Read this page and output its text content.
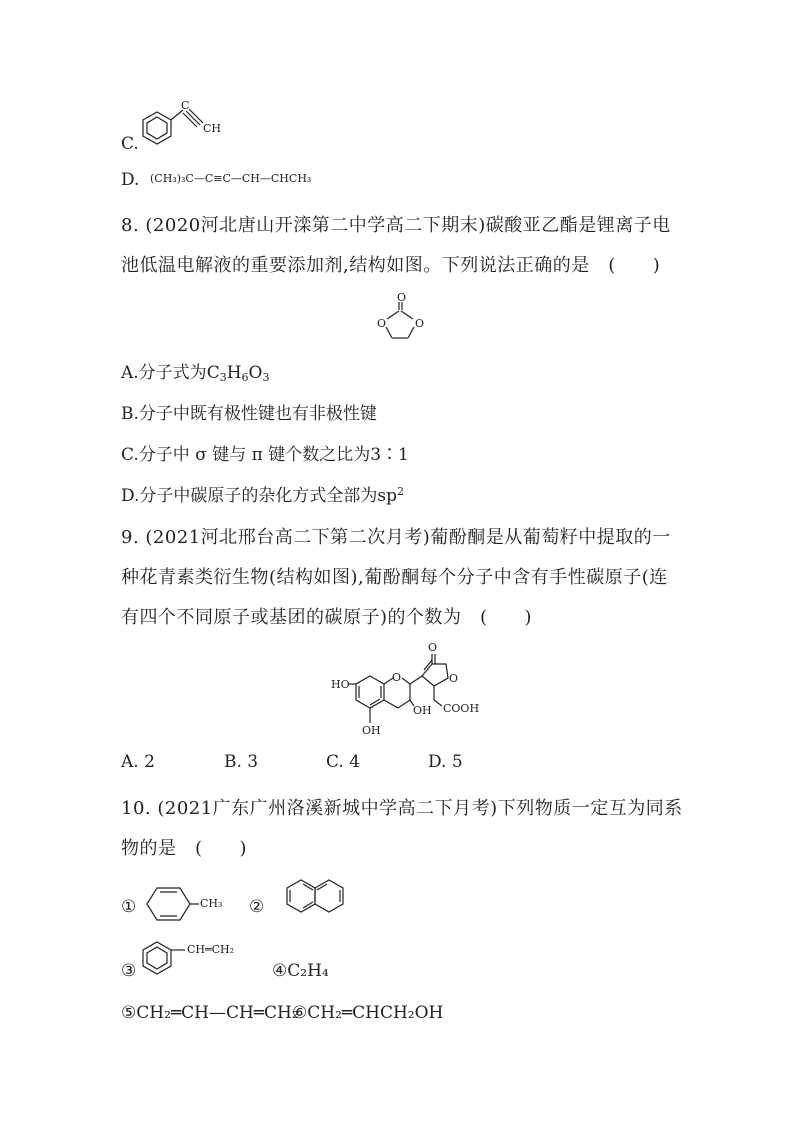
C.
C
CH
D. (CH₃)₃C—C≡C—CH—CHCH₃
8. (2020河北唐山开滦第二中学高二下期末)碳酸亚乙酯是锂离子电
池低温电解液的重要添加剂,结构如图。下列说法正确的是　(　　)
O
O	O
A.分子式为$C_3H_6O_3$
B.分子中既有极性键也有非极性键
C.分子中 σ 键与 π 键个数之比为3∶1
D.分子中碳原子的杂化方式全部为$sp^2$
9. (2021河北邢台高二下第二次月考)葡酚酮是从葡萄籽中提取的一
种花青素类衍生物(结构如图),葡酚酮每个分子中含有手性碳原子(连
有四个不同原子或基团的碳原子)的个数为　(　　)
HO
OH
O
OH COOH
O
O
A. 2	B. 3	C. 4	D. 5
10. (2021广东广州洛溪新城中学高二下月考)下列物质一定互为同系
物的是　(　　)
①	CH₃ ②
③
CH═CH₂
④C₂H₄
⑤CH₂═CH—CH═CH₂
⑥CH₂═CHCH₂OH
